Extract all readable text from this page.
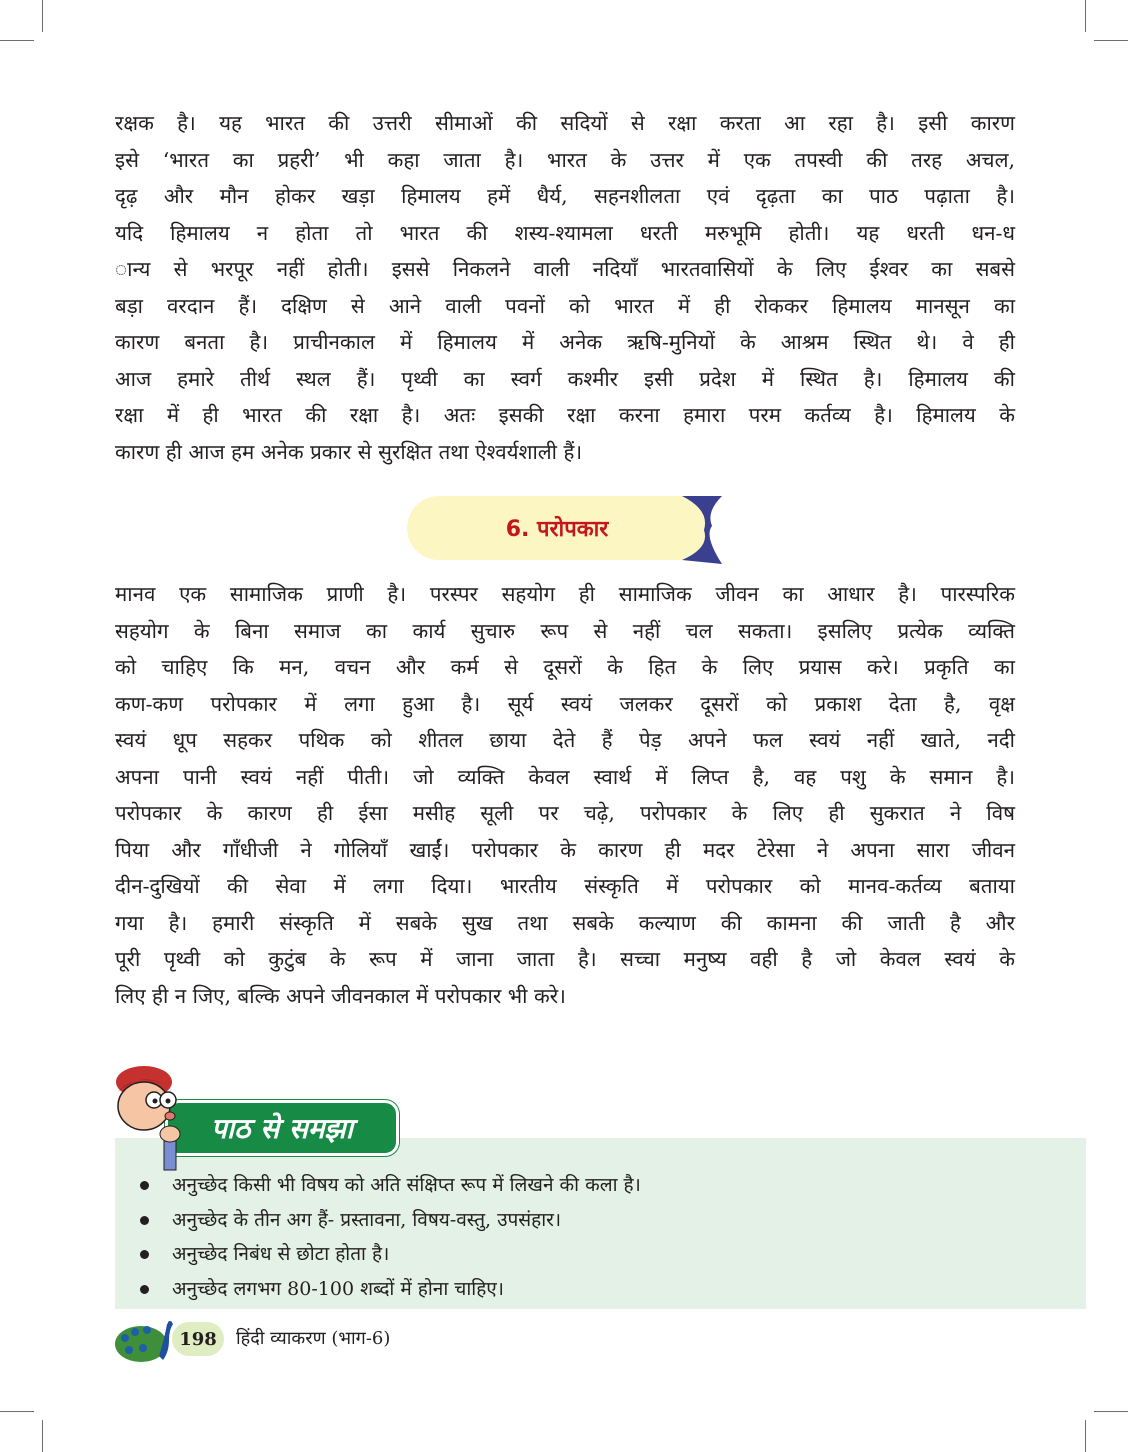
रक्षक है। यह भारत की उत्तरी सीमाओं की सदियों से रक्षा करता आ रहा है। इसी कारण
इसे ‘भारत का प्रहरी’ भी कहा जाता है। भारत के उत्तर में एक तपस्वी की तरह अचल,
दृढ़ और मौन होकर खड़ा हिमालय हमें धैर्य, सहनशीलता एवं दृढ़ता का पाठ पढ़ाता है।
यदि हिमालय न होता तो भारत की शस्य-श्यामला धरती मरुभूमि होती। यह धरती धन-ध
ान्य से भरपूर नहीं होती। इससे निकलने वाली नदियाँ भारतवासियों के लिए ईश्वर का सबसे
बड़ा वरदान हैं। दक्षिण से आने वाली पवनों को भारत में ही रोककर हिमालय मानसून का
कारण बनता है। प्राचीनकाल में हिमालय में अनेक ऋषि-मुनियों के आश्रम स्थित थे। वे ही
आज हमारे तीर्थ स्थल हैं। पृथ्वी का स्वर्ग कश्मीर इसी प्रदेश में स्थित है। हिमालय की
रक्षा में ही भारत की रक्षा है। अतः इसकी रक्षा करना हमारा परम कर्तव्य है। हिमालय के
कारण ही आज हम अनेक प्रकार से सुरक्षित तथा ऐश्वर्यशाली हैं।

6. परोपकार

मानव एक सामाजिक प्राणी है। परस्पर सहयोग ही सामाजिक जीवन का आधार है। पारस्परिक
सहयोग के बिना समाज का कार्य सुचारु रूप से नहीं चल सकता। इसलिए प्रत्येक व्यक्ति
को चाहिए कि मन, वचन और कर्म से दूसरों के हित के लिए प्रयास करे। प्रकृति का
कण-कण परोपकार में लगा हुआ है। सूर्य स्वयं जलकर दूसरों को प्रकाश देता है, वृक्ष
स्वयं धूप सहकर पथिक को शीतल छाया देते हैं पेड़ अपने फल स्वयं नहीं खाते, नदी
अपना पानी स्वयं नहीं पीती। जो व्यक्ति केवल स्वार्थ में लिप्त है, वह पशु के समान है।
परोपकार के कारण ही ईसा मसीह सूली पर चढ़े, परोपकार के लिए ही सुकरात ने विष
पिया और गाँधीजी ने गोलियाँ खाईं। परोपकार के कारण ही मदर टेरेसा ने अपना सारा जीवन
दीन-दुखियों की सेवा में लगा दिया। भारतीय संस्कृति में परोपकार को मानव-कर्तव्य बताया
गया है। हमारी संस्कृति में सबके सुख तथा सबके कल्याण की कामना की जाती है और
पूरी पृथ्वी को कुटुंब के रूप में जाना जाता है। सच्चा मनुष्य वही है जो केवल स्वयं के
लिए ही न जिए, बल्कि अपने जीवनकाल में परोपकार भी करे।

पाठ से समझा
अनुच्छेद किसी भी विषय को अति संक्षिप्त रूप में लिखने की कला है।
अनुच्छेद के तीन अग हैं- प्रस्तावना, विषय-वस्तु, उपसंहार।
अनुच्छेद निबंध से छोटा होता है।
अनुच्छेद लगभग 80-100 शब्दों में होना चाहिए।
198	हिंदी व्याकरण (भाग-6)
